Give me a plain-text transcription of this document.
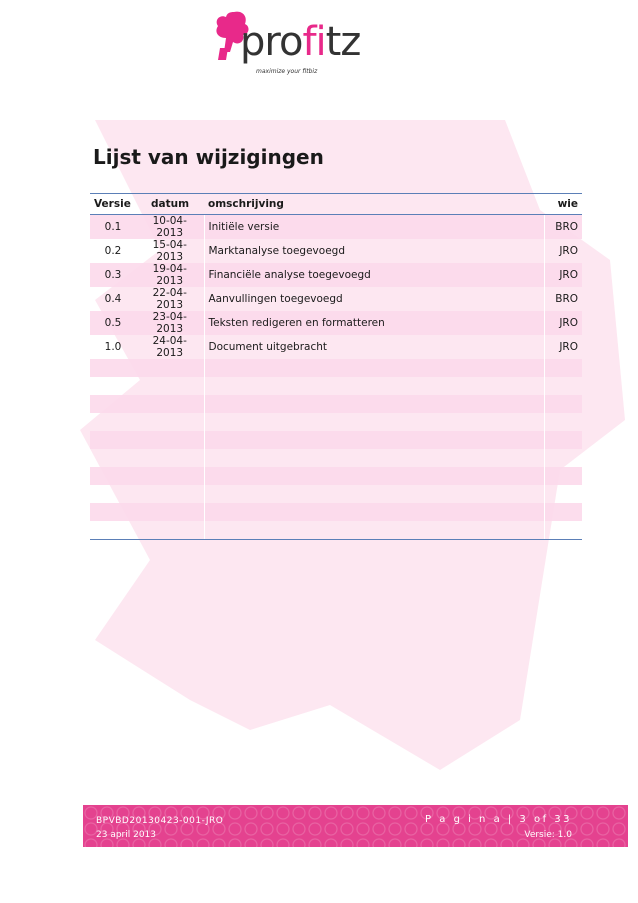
profitz
maximize your fitbiz
Lijst van wijzigingen
Versie	datum	omschrijving	wie
0.1	10-04-2013	Initiële versie	BRO
0.2	15-04-2013	Marktanalyse toegevoegd	JRO
0.3	19-04-2013	Financiële analyse toegevoegd	JRO
0.4	22-04-2013	Aanvullingen toegevoegd	BRO
0.5	23-04-2013	Teksten redigeren en formatteren	JRO
1.0	24-04-2013	Document uitgebracht	JRO

BPVBD20130423-001-JRO
23 april 2013
P a g i n a | 3 of 33
Versie: 1.0
